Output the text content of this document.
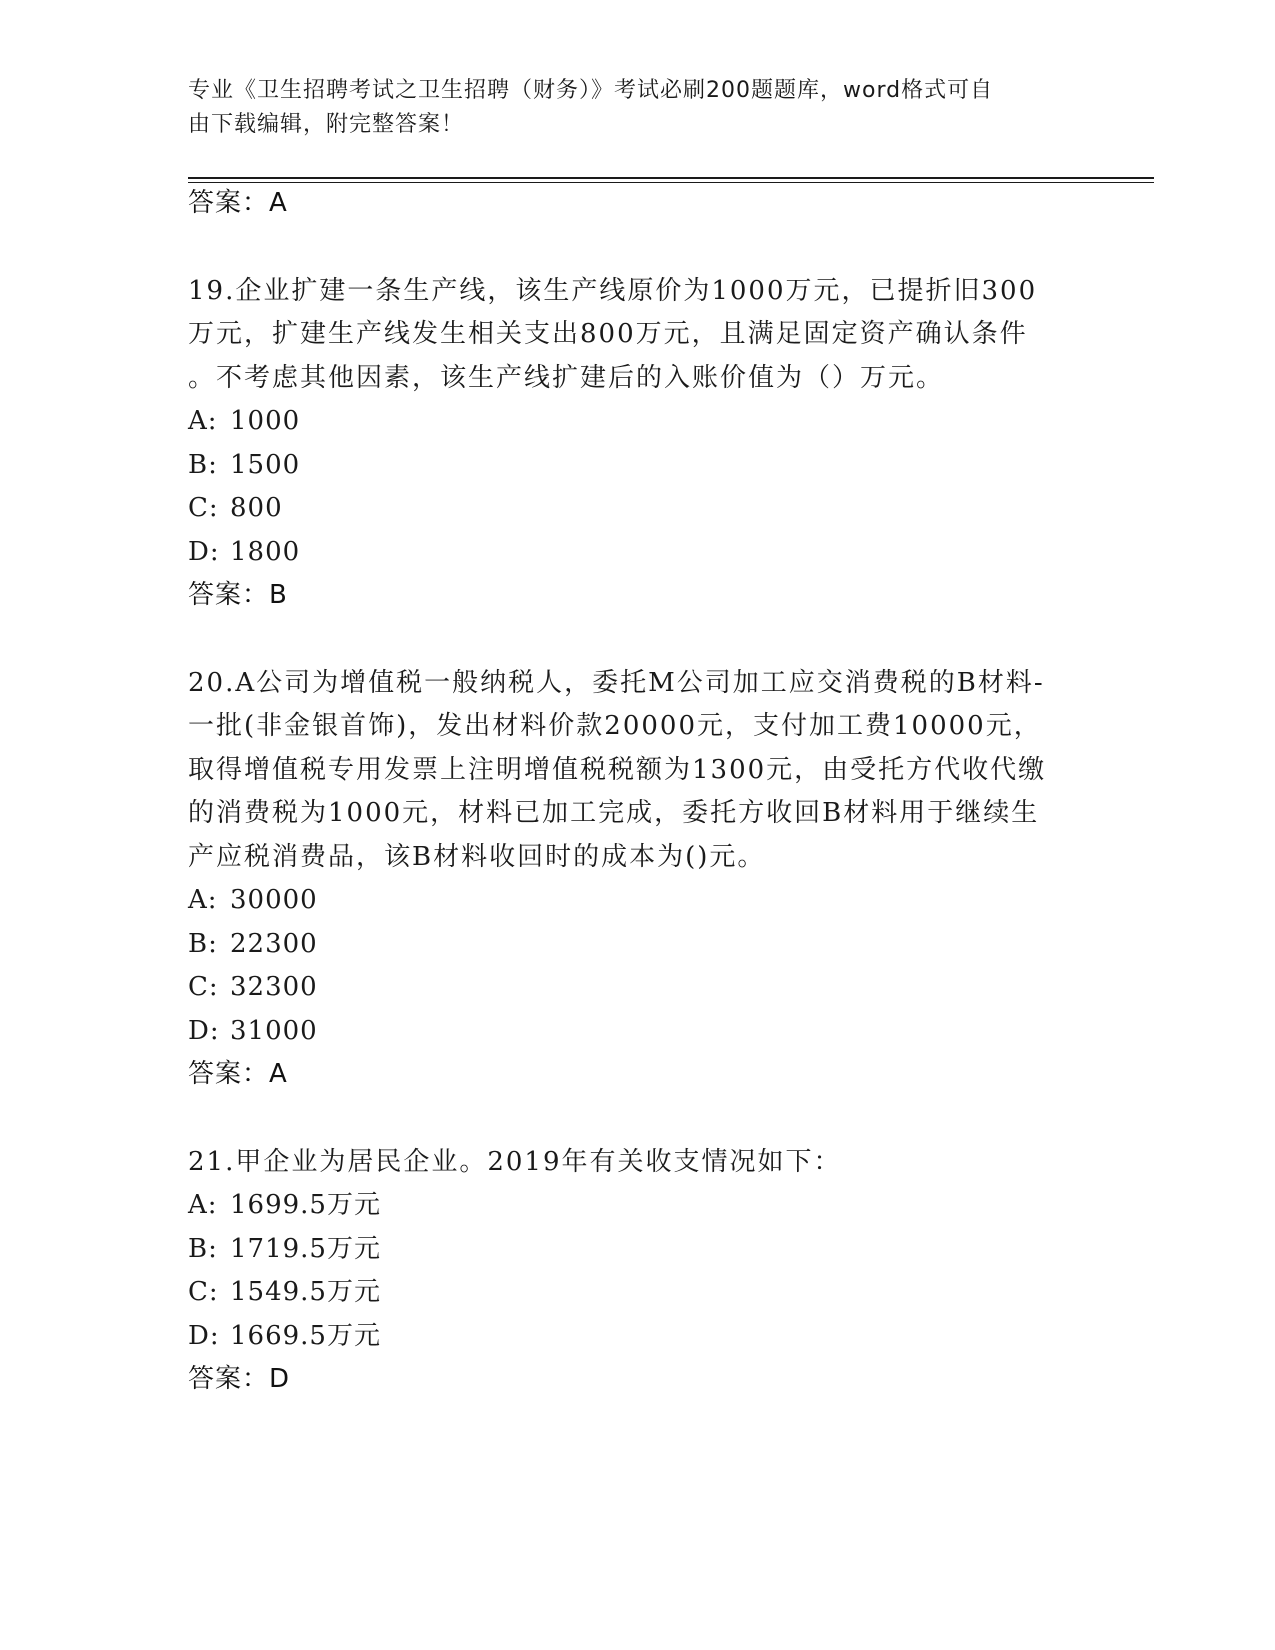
专业《卫生招聘考试之卫生招聘（财务）》考试必刷200题题库，word格式可自
由下载编辑，附完整答案！
答案：A
19.企业扩建一条生产线，该生产线原价为1000万元，已提折旧300
万元，扩建生产线发生相关支出800万元，且满足固定资产确认条件
。不考虑其他因素，该生产线扩建后的入账价值为（）万元。
A: 1000
B: 1500
C: 800
D: 1800
答案：B
20.A公司为增值税一般纳税人，委托M公司加工应交消费税的B材料-
一批(非金银首饰)，发出材料价款20000元，支付加工费10000元，
取得增值税专用发票上注明增值税税额为1300元，由受托方代收代缴
的消费税为1000元，材料已加工完成，委托方收回B材料用于继续生
产应税消费品，该B材料收回时的成本为()元。
A: 30000
B: 22300
C: 32300
D: 31000
答案：A
21.甲企业为居民企业。2019年有关收支情况如下：
A: 1699.5万元
B: 1719.5万元
C: 1549.5万元
D: 1669.5万元
答案：D
